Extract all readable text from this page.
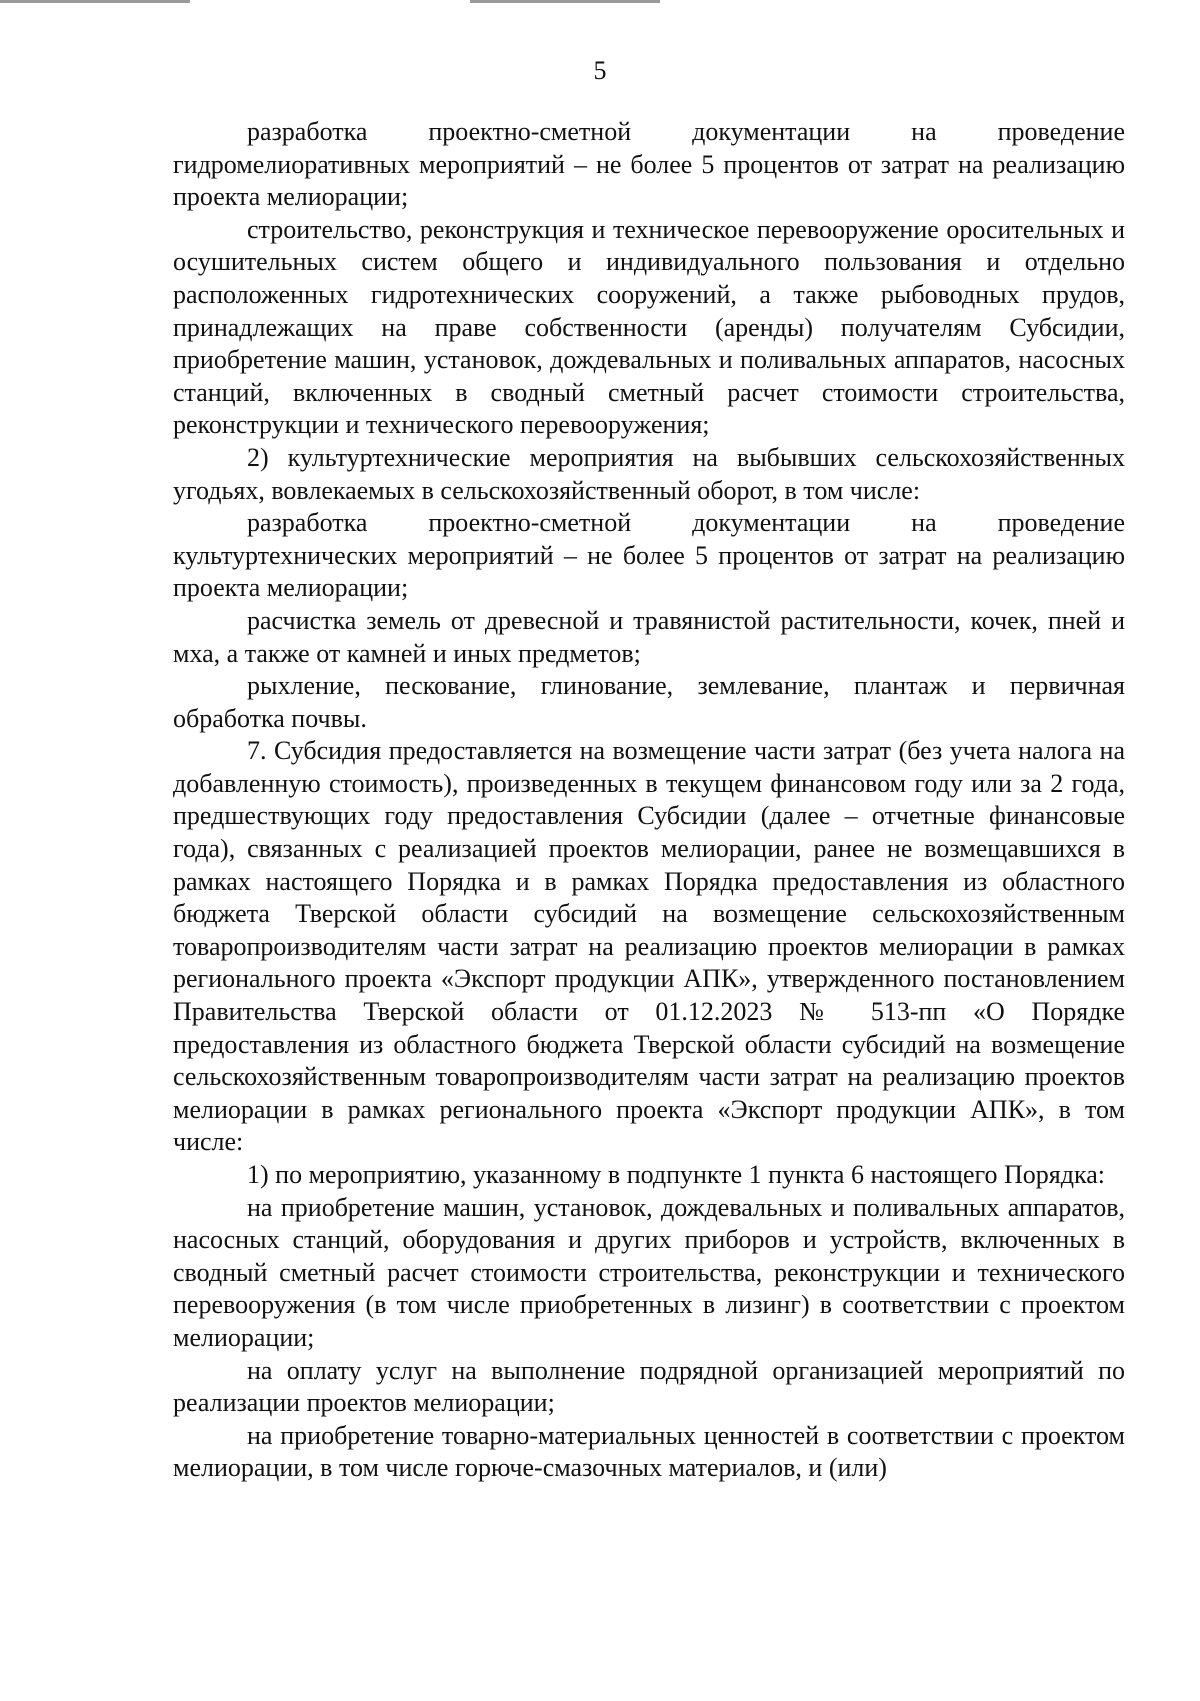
5

разработка проектно-сметной документации на проведение гидромелиоративных мероприятий – не более 5 процентов от затрат на реализацию проекта мелиорации;

строительство, реконструкция и техническое перевооружение оросительных и осушительных систем общего и индивидуального пользования и отдельно расположенных гидротехнических сооружений, а также рыбоводных прудов, принадлежащих на праве собственности (аренды) получателям Субсидии, приобретение машин, установок, дождевальных и поливальных аппаратов, насосных станций, включенных в сводный сметный расчет стоимости строительства, реконструкции и технического перевооружения;

2) культуртехнические мероприятия на выбывших сельскохозяйственных угодьях, вовлекаемых в сельскохозяйственный оборот, в том числе:

разработка проектно-сметной документации на проведение культуртехнических мероприятий – не более 5 процентов от затрат на реализацию проекта мелиорации;

расчистка земель от древесной и травянистой растительности, кочек, пней и мха, а также от камней и иных предметов;

рыхление, пескование, глинование, землевание, плантаж и первичная обработка почвы.

7. Субсидия предоставляется на возмещение части затрат (без учета налога на добавленную стоимость), произведенных в текущем финансовом году или за 2 года, предшествующих году предоставления Субсидии (далее – отчетные финансовые года), связанных с реализацией проектов мелиорации, ранее не возмещавшихся в рамках настоящего Порядка и в рамках Порядка предоставления из областного бюджета Тверской области субсидий на возмещение сельскохозяйственным товаропроизводителям части затрат на реализацию проектов мелиорации в рамках регионального проекта «Экспорт продукции АПК», утвержденного постановлением Правительства Тверской области от 01.12.2023 № 513-пп «О Порядке предоставления из областного бюджета Тверской области субсидий на возмещение сельскохозяйственным товаропроизводителям части затрат на реализацию проектов мелиорации в рамках регионального проекта «Экспорт продукции АПК», в том числе:

1) по мероприятию, указанному в подпункте 1 пункта 6 настоящего Порядка:

на приобретение машин, установок, дождевальных и поливальных аппаратов, насосных станций, оборудования и других приборов и устройств, включенных в сводный сметный расчет стоимости строительства, реконструкции и технического перевооружения (в том числе приобретенных в лизинг) в соответствии с проектом мелиорации;

на оплату услуг на выполнение подрядной организацией мероприятий по реализации проектов мелиорации;

на приобретение товарно-материальных ценностей в соответствии с проектом мелиорации, в том числе горюче-смазочных материалов, и (или)
